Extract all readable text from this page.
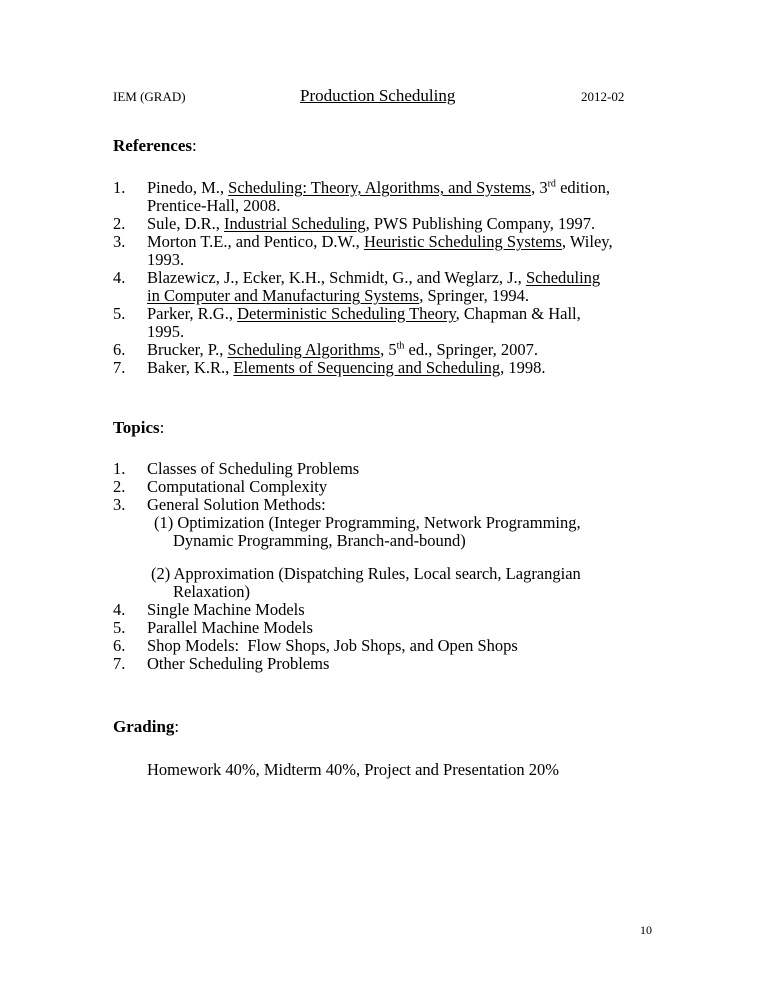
IEM (GRAD)	Production Scheduling	2012-02
References:
1.	Pinedo, M., Scheduling: Theory, Algorithms, and Systems, 3rd edition,
Prentice-Hall, 2008.
2.	Sule, D.R., Industrial Scheduling, PWS Publishing Company, 1997.
3.	Morton T.E., and Pentico, D.W., Heuristic Scheduling Systems, Wiley,
1993.
4.	Blazewicz, J., Ecker, K.H., Schmidt, G., and Weglarz, J., Scheduling
in Computer and Manufacturing Systems, Springer, 1994.
5.	Parker, R.G., Deterministic Scheduling Theory, Chapman & Hall,
1995.
6.	Brucker, P., Scheduling Algorithms, 5th ed., Springer, 2007.
7.	Baker, K.R., Elements of Sequencing and Scheduling, 1998.
Topics:
1.	Classes of Scheduling Problems
2.	Computational Complexity
3.	General Solution Methods:
(1) Optimization (Integer Programming, Network Programming,
Dynamic Programming, Branch-and-bound)
(2) Approximation (Dispatching Rules, Local search, Lagrangian
Relaxation)
4.	Single Machine Models
5.	Parallel Machine Models
6.	Shop Models:  Flow Shops, Job Shops, and Open Shops
7.	Other Scheduling Problems
Grading:
Homework 40%, Midterm 40%, Project and Presentation 20%
10
